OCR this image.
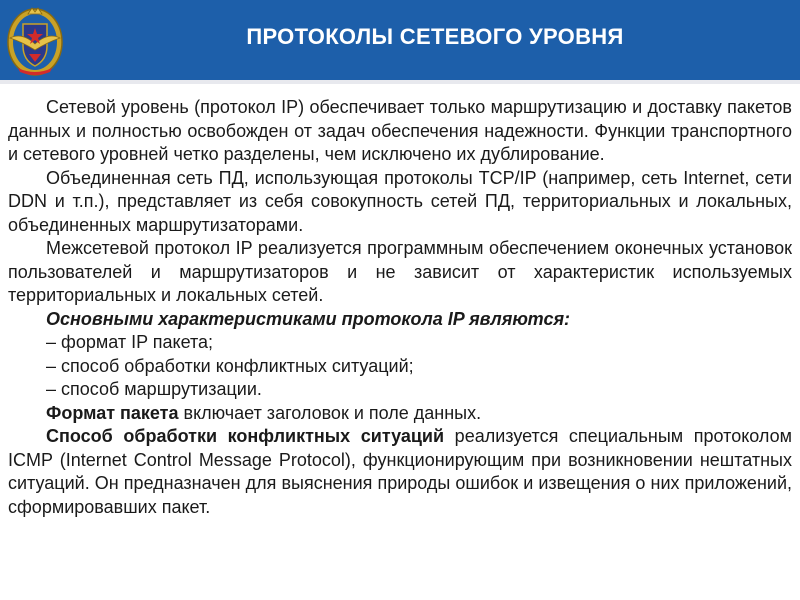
ПРОТОКОЛЫ СЕТЕВОГО УРОВНЯ

Сетевой уровень (протокол IP) обеспечивает только маршрутизацию и доставку пакетов данных и полностью освобожден от задач обеспечения надежности. Функции транспортного и сетевого уровней четко разделены, чем исключено их дублирование.

Объединенная сеть ПД, использующая протоколы TCP/IP (например, сеть Internet, сети DDN и т.п.), представляет из себя совокупность сетей ПД, территориальных и локальных, объединенных маршрутизаторами.

Межсетевой протокол IP реализуется программным обеспечением оконечных установок пользователей и маршрутизаторов и не зависит от характеристик используемых территориальных и локальных сетей.

Основными характеристиками протокола IP являются:

– формат IP пакета;

– способ обработки конфликтных ситуаций;

– способ маршрутизации.

Формат пакета включает заголовок и поле данных.

Способ обработки конфликтных ситуаций реализуется специальным протоколом ICMP (Internet Control Message Protocol), функционирующим при возникновении нештатных ситуаций. Он предназначен для выяснения природы ошибок и извещения о них приложений, сформировавших пакет.
